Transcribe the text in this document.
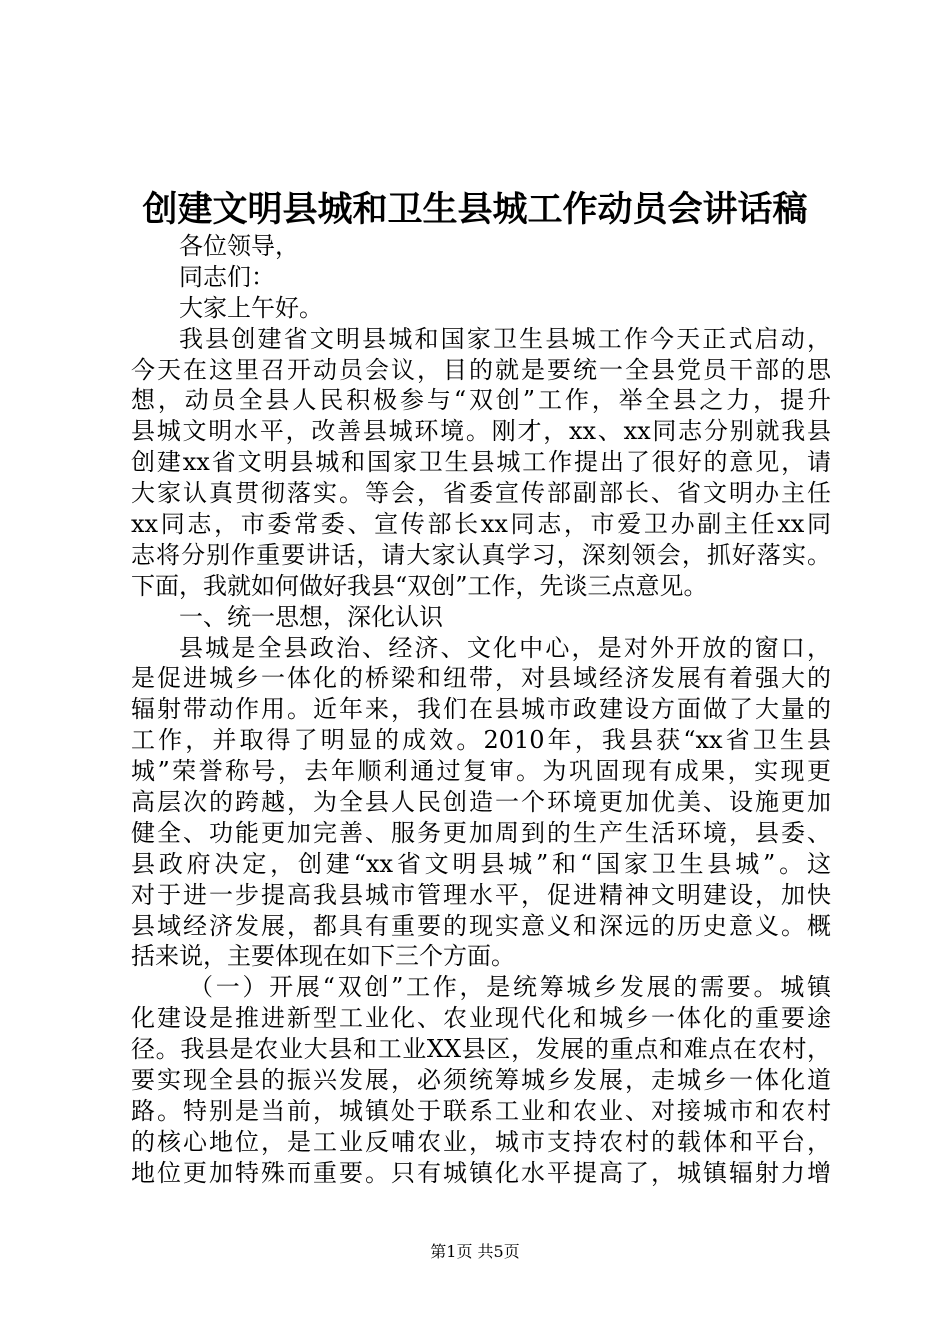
创建文明县城和卫生县城工作动员会讲话稿
各位领导，
同志们：
大家上午好。
我县创建省文明县城和国家卫生县城工作今天正式启动，
今天在这里召开动员会议，目的就是要统一全县党员干部的思
想，动员全县人民积极参与“双创”工作，举全县之力，提升
县城文明水平，改善县城环境。刚才，xx、xx同志分别就我县
创建xx省文明县城和国家卫生县城工作提出了很好的意见，请
大家认真贯彻落实。等会，省委宣传部副部长、省文明办主任
xx同志，市委常委、宣传部长xx同志，市爱卫办副主任xx同
志将分别作重要讲话，请大家认真学习，深刻领会，抓好落实。
下面，我就如何做好我县“双创”工作，先谈三点意见。
一、统一思想，深化认识
县城是全县政治、经济、文化中心，是对外开放的窗口，
是促进城乡一体化的桥梁和纽带，对县域经济发展有着强大的
辐射带动作用。近年来，我们在县城市政建设方面做了大量的
工作，并取得了明显的成效。2010年，我县获“xx省卫生县
城”荣誉称号，去年顺利通过复审。为巩固现有成果，实现更
高层次的跨越，为全县人民创造一个环境更加优美、设施更加
健全、功能更加完善、服务更加周到的生产生活环境，县委、
县政府决定，创建“xx省文明县城”和“国家卫生县城”。这
对于进一步提高我县城市管理水平，促进精神文明建设，加快
县域经济发展，都具有重要的现实意义和深远的历史意义。概
括来说，主要体现在如下三个方面。
（一）开展“双创”工作，是统筹城乡发展的需要。城镇
化建设是推进新型工业化、农业现代化和城乡一体化的重要途
径。我县是农业大县和工业XX县区，发展的重点和难点在农村，
要实现全县的振兴发展，必须统筹城乡发展，走城乡一体化道
路。特别是当前，城镇处于联系工业和农业、对接城市和农村
的核心地位，是工业反哺农业，城市支持农村的载体和平台，
地位更加特殊而重要。只有城镇化水平提高了，城镇辐射力增
第1页 共5页
